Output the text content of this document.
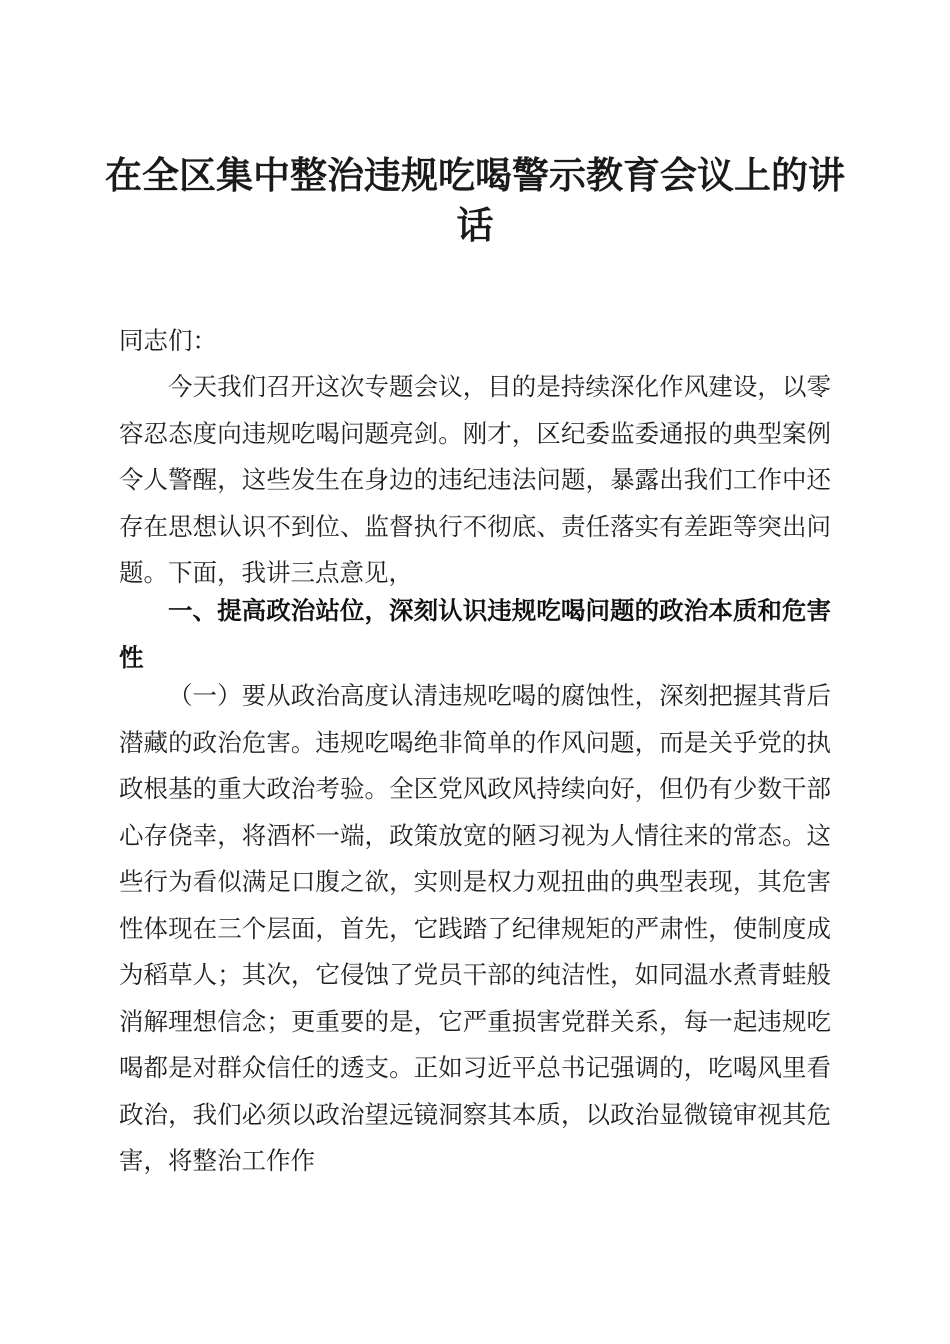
在全区集中整治违规吃喝警示教育会议上的讲话

同志们：

今天我们召开这次专题会议，目的是持续深化作风建设，以零容忍态度向违规吃喝问题亮剑。刚才，区纪委监委通报的典型案例令人警醒，这些发生在身边的违纪违法问题，暴露出我们工作中还存在思想认识不到位、监督执行不彻底、责任落实有差距等突出问题。下面，我讲三点意见，

一、提高政治站位，深刻认识违规吃喝问题的政治本质和危害性

（一）要从政治高度认清违规吃喝的腐蚀性，深刻把握其背后潜藏的政治危害。违规吃喝绝非简单的作风问题，而是关乎党的执政根基的重大政治考验。全区党风政风持续向好，但仍有少数干部心存侥幸，将酒杯一端，政策放宽的陋习视为人情往来的常态。这些行为看似满足口腹之欲，实则是权力观扭曲的典型表现，其危害性体现在三个层面，首先，它践踏了纪律规矩的严肃性，使制度成为稻草人；其次，它侵蚀了党员干部的纯洁性，如同温水煮青蛙般消解理想信念；更重要的是，它严重损害党群关系，每一起违规吃喝都是对群众信任的透支。正如习近平总书记强调的，吃喝风里看政治，我们必须以政治望远镜洞察其本质，以政治显微镜审视其危害，将整治工作作
